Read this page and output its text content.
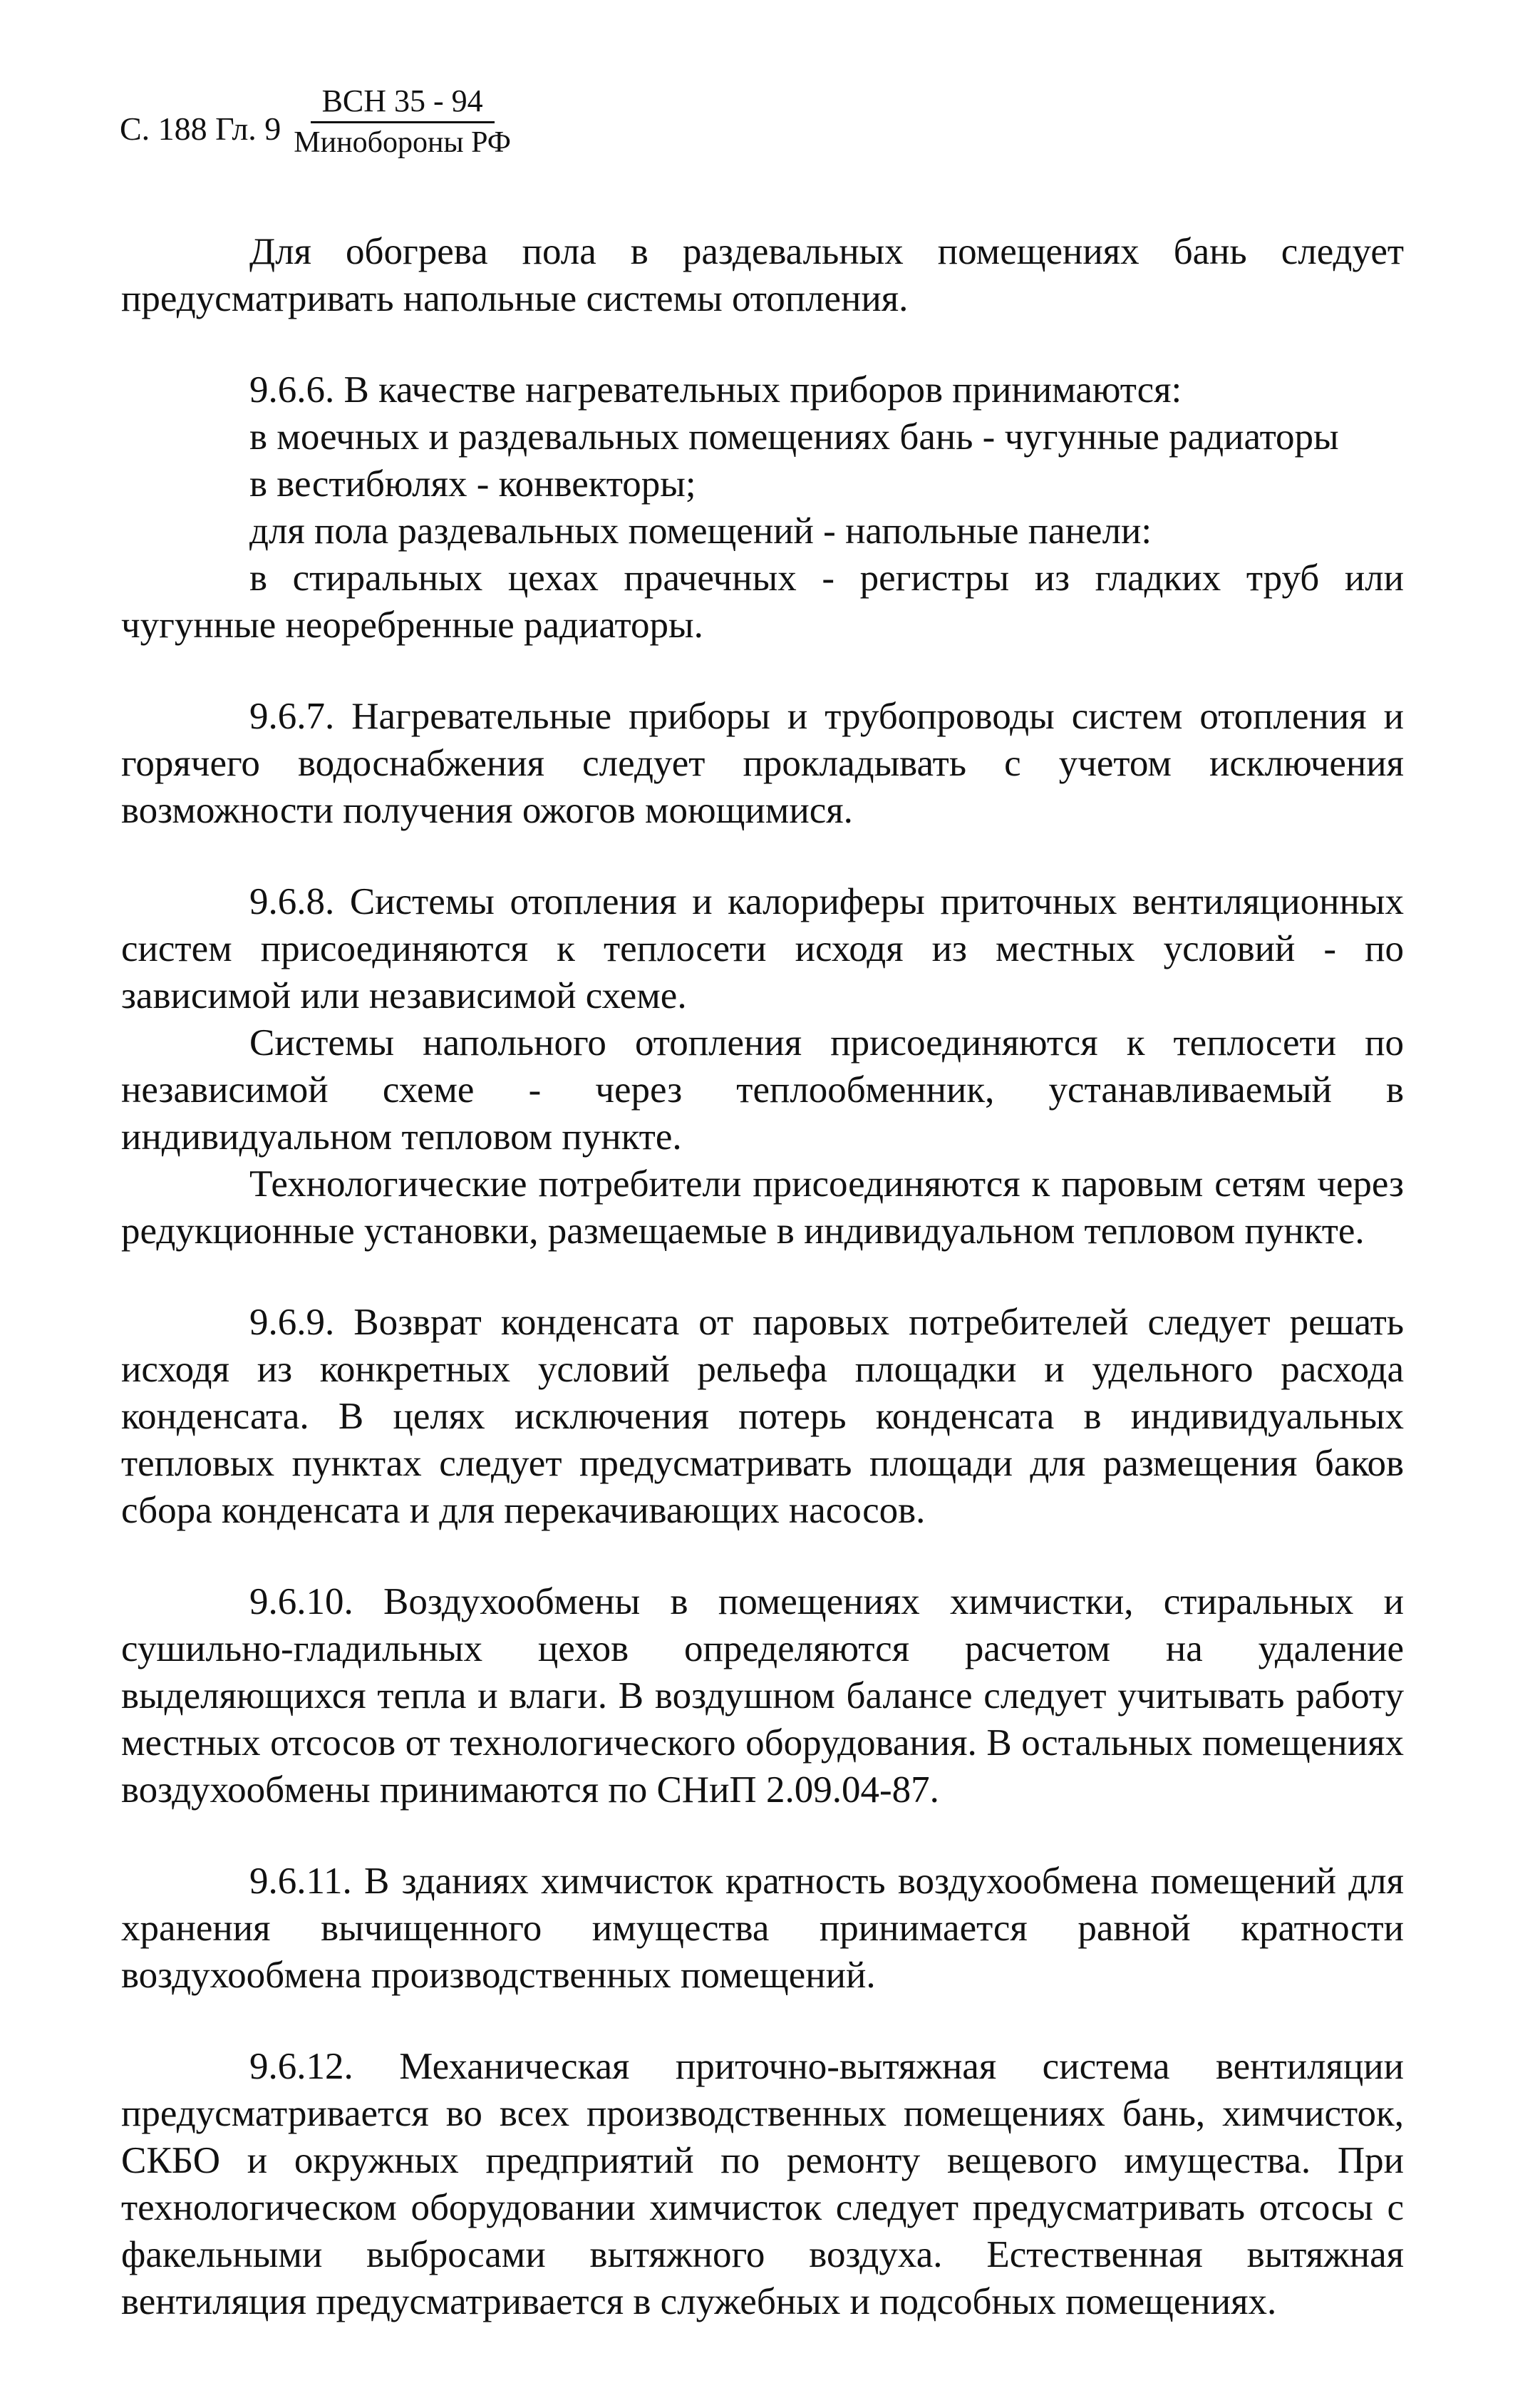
С. 188 Гл. $9 \frac{\text{ВСН 35 - 94}}{\text{Минобороны РФ}}$

Для обогрева пола в раздевальных помещениях бань следует предусматривать напольные системы отопления.

9.6.6. В качестве нагревательных приборов принимаются:

в моечных и раздевальных помещениях бань - чугунные радиаторы

в вестибюлях - конвекторы;

для пола раздевальных помещений - напольные панели:

в стиральных цехах прачечных - регистры из гладких труб или чугунные неоребренные радиаторы.

9.6.7. Нагревательные приборы и трубопроводы систем отопления и горячего водоснабжения следует прокладывать с учетом исключения возможности получения ожогов моющимися.

9.6.8. Системы отопления и калориферы приточных вентиляционных систем присоединяются к теплосети исходя из местных условий - по зависимой или независимой схеме.

Системы напольного отопления присоединяются к теплосети по независимой схеме - через теплообменник, устанавливаемый в индивидуальном тепловом пункте.

Технологические потребители присоединяются к паровым сетям через редукционные установки, размещаемые в индивидуальном тепловом пункте.

9.6.9. Возврат конденсата от паровых потребителей следует решать исходя из конкретных условий рельефа площадки и удельного расхода конденсата. В целях исключения потерь конденсата в индивидуальных тепловых пунктах следует предусматривать площади для размещения баков сбора конденсата и для перекачивающих насосов.

9.6.10. Воздухообмены в помещениях химчистки, стиральных и сушильно-гладильных цехов определяются расчетом на удаление выделяющихся тепла и влаги. В воздушном балансе следует учитывать работу местных отсосов от технологического оборудования. В остальных помещениях воздухообмены принимаются по СНиП 2.09.04-87.

9.6.11. В зданиях химчисток кратность воздухообмена помещений для хранения вычищенного имущества принимается равной кратности воздухообмена производственных помещений.

9.6.12. Механическая приточно-вытяжная система вентиляции предусматривается во всех производственных помещениях бань, химчисток, СКБО и окружных предприятий по ремонту вещевого имущества. При технологическом оборудовании химчисток следует предусматривать отсосы с факельными выбросами вытяжного воздуха. Естественная вытяжная вентиляция предусматривается в служебных и подсобных помещениях.
